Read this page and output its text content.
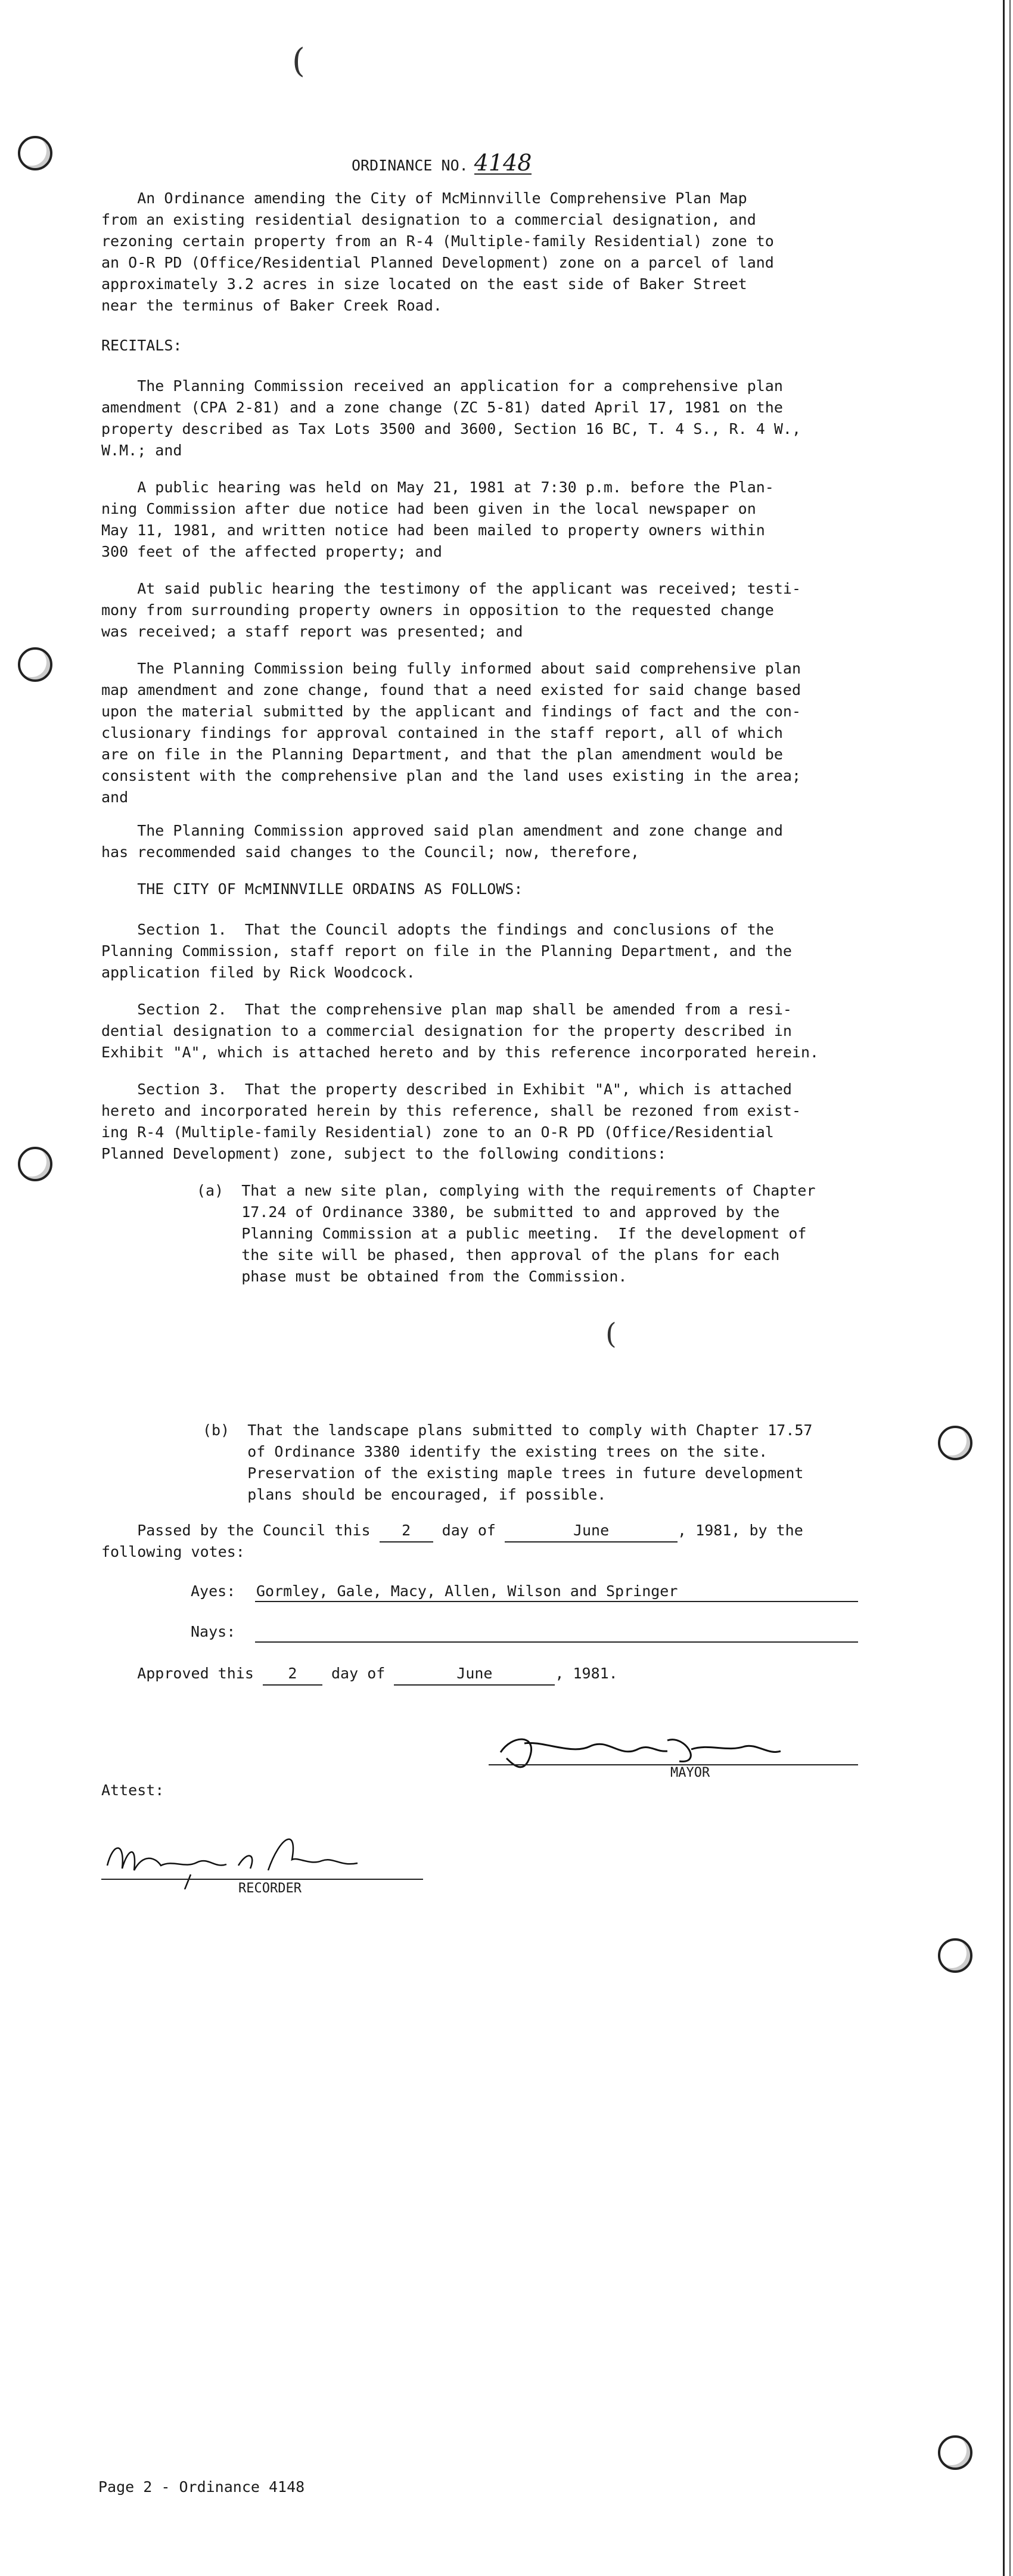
(
(
ORDINANCE NO. 4148
An Ordinance amending the City of McMinnville Comprehensive Plan Map
from an existing residential designation to a commercial designation, and
rezoning certain property from an R-4 (Multiple-family Residential) zone to
an O-R PD (Office/Residential Planned Development) zone on a parcel of land
approximately 3.2 acres in size located on the east side of Baker Street
near the terminus of Baker Creek Road.
RECITALS:
The Planning Commission received an application for a comprehensive plan
amendment (CPA 2-81) and a zone change (ZC 5-81) dated April 17, 1981 on the
property described as Tax Lots 3500 and 3600, Section 16 BC, T. 4 S., R. 4 W.,
W.M.; and
A public hearing was held on May 21, 1981 at 7:30 p.m. before the Plan-
ning Commission after due notice had been given in the local newspaper on
May 11, 1981, and written notice had been mailed to property owners within
300 feet of the affected property; and
At said public hearing the testimony of the applicant was received; testi-
mony from surrounding property owners in opposition to the requested change
was received; a staff report was presented; and
The Planning Commission being fully informed about said comprehensive plan
map amendment and zone change, found that a need existed for said change based
upon the material submitted by the applicant and findings of fact and the con-
clusionary findings for approval contained in the staff report, all of which
are on file in the Planning Department, and that the plan amendment would be
consistent with the comprehensive plan and the land uses existing in the area;
and
The Planning Commission approved said plan amendment and zone change and
has recommended said changes to the Council; now, therefore,
THE CITY OF McMINNVILLE ORDAINS AS FOLLOWS:
Section 1.  That the Council adopts the findings and conclusions of the
Planning Commission, staff report on file in the Planning Department, and the
application filed by Rick Woodcock.
Section 2.  That the comprehensive plan map shall be amended from a resi-
dential designation to a commercial designation for the property described in
Exhibit "A", which is attached hereto and by this reference incorporated herein.
Section 3.  That the property described in Exhibit "A", which is attached
hereto and incorporated herein by this reference, shall be rezoned from exist-
ing R-4 (Multiple-family Residential) zone to an O-R PD (Office/Residential
Planned Development) zone, subject to the following conditions:
(a)  That a new site plan, complying with the requirements of Chapter
17.24 of Ordinance 3380, be submitted to and approved by the
Planning Commission at a public meeting.  If the development of
the site will be phased, then approval of the plans for each
phase must be obtained from the Commission.
(b)  That the landscape plans submitted to comply with Chapter 17.57
of Ordinance 3380 identify the existing trees on the site.
Preservation of the existing maple trees in future development
plans should be encouraged, if possible.
Passed by the Council this 2 day of	June	, 1981, by the
following votes:
Ayes: Gormley, Gale, Macy, Allen, Wilson and Springer
Nays:
Approved this 2 day of	June	, 1981.
MAYOR
Attest:
RECORDER
Page 2 - Ordinance 4148
